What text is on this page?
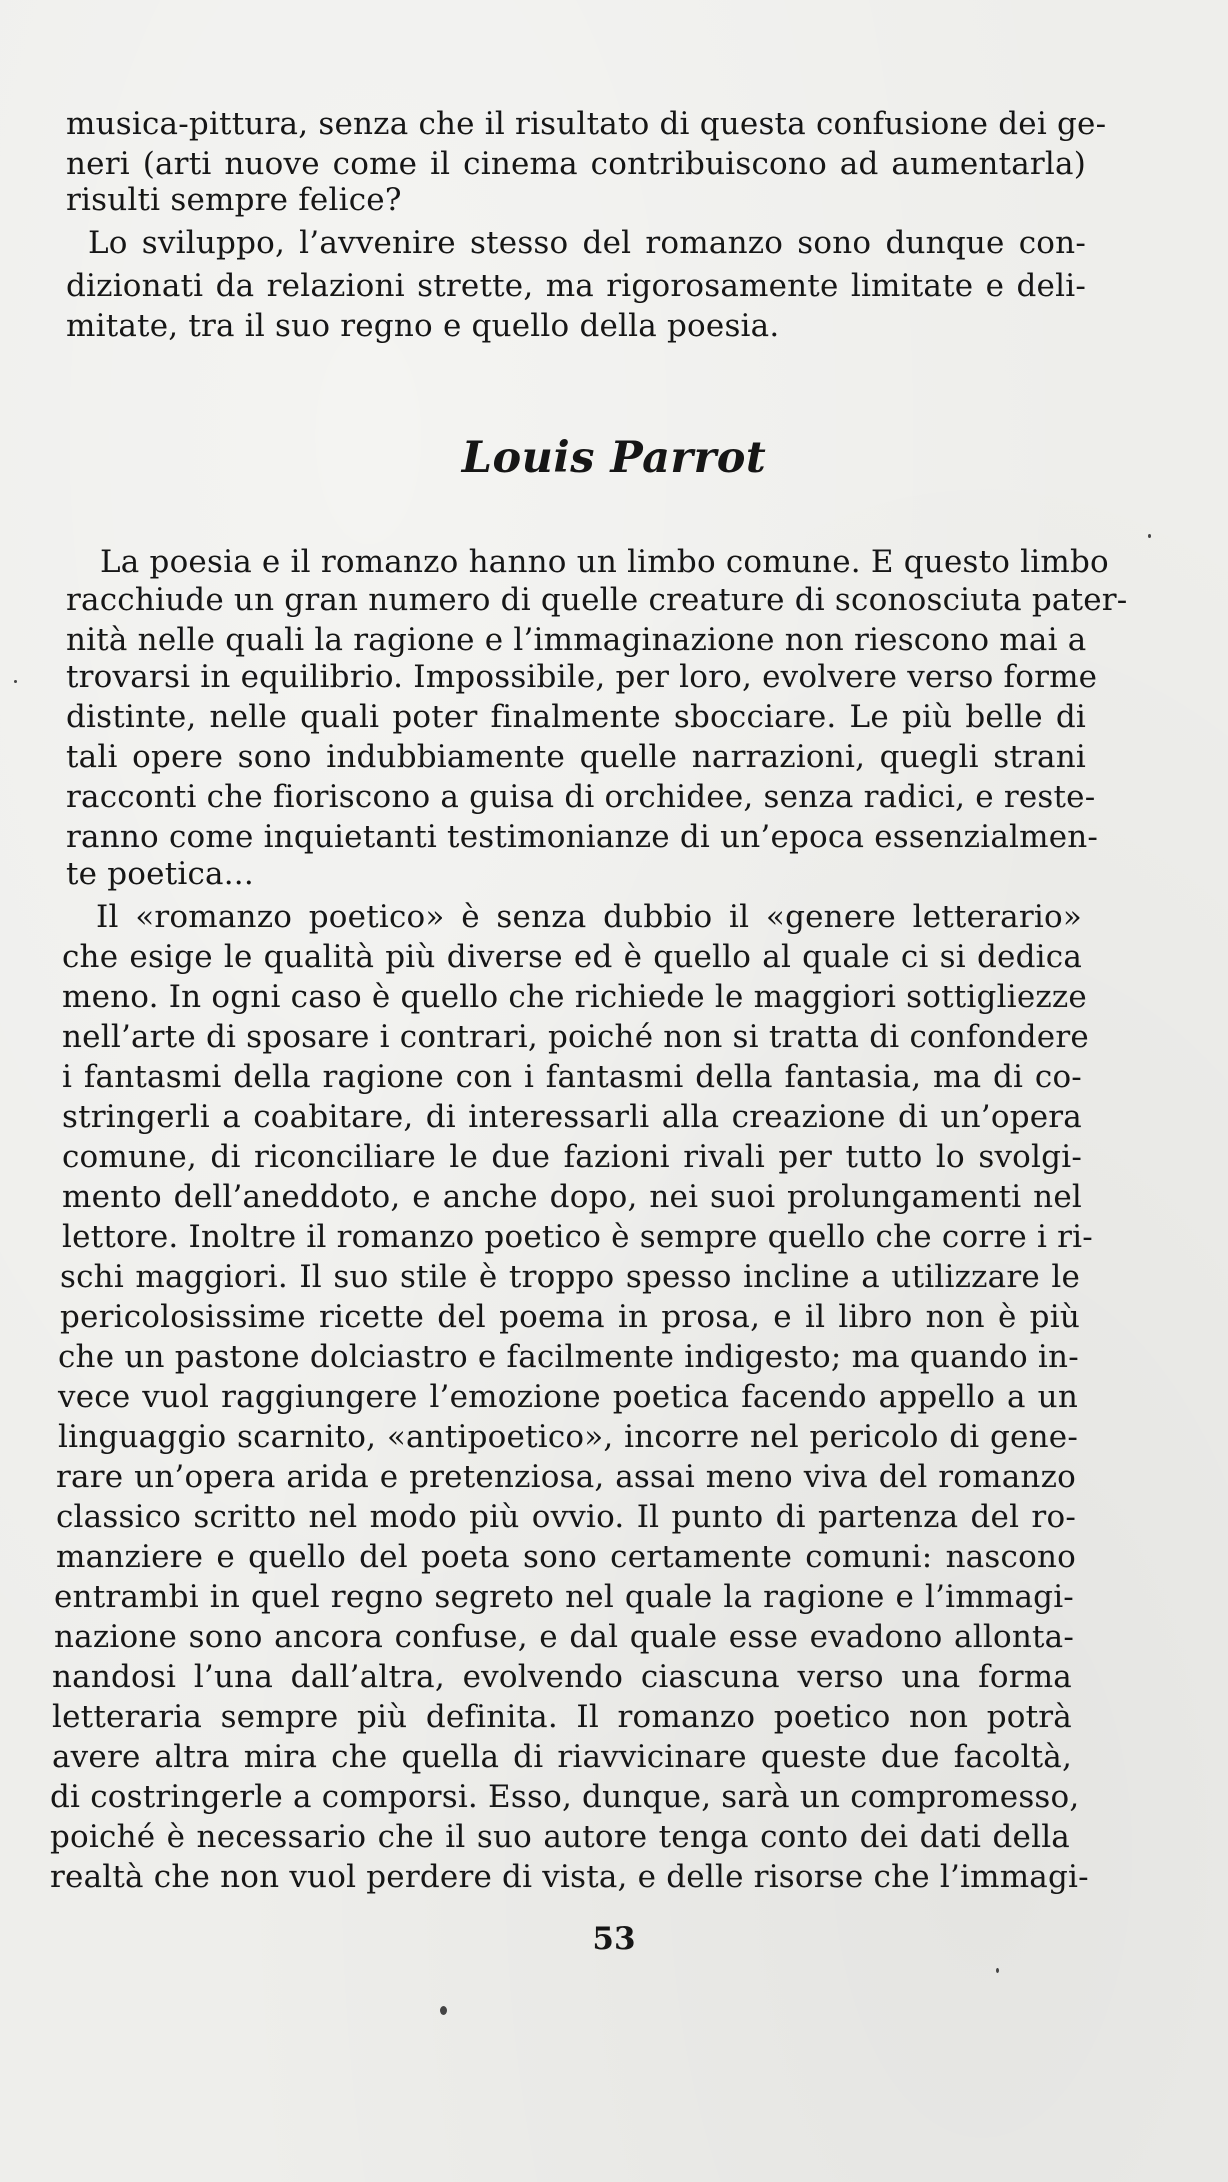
musica-pittura, senza che il risultato di questa confusione dei ge-
neri (arti nuove come il cinema contribuiscono ad aumentarla)
risulti sempre felice?
Lo sviluppo, l’avvenire stesso del romanzo sono dunque con-
dizionati da relazioni strette, ma rigorosamente limitate e deli-
mitate, tra il suo regno e quello della poesia.
Louis Parrot
La poesia e il romanzo hanno un limbo comune. E questo limbo
racchiude un gran numero di quelle creature di sconosciuta pater-
nità nelle quali la ragione e l’immaginazione non riescono mai a
trovarsi in equilibrio. Impossibile, per loro, evolvere verso forme
distinte, nelle quali poter finalmente sbocciare. Le più belle di
tali opere sono indubbiamente quelle narrazioni, quegli strani
racconti che fioriscono a guisa di orchidee, senza radici, e reste-
ranno come inquietanti testimonianze di un’epoca essenzialmen-
te poetica...
Il «romanzo poetico» è senza dubbio il «genere letterario»
che esige le qualità più diverse ed è quello al quale ci si dedica
meno. In ogni caso è quello che richiede le maggiori sottigliezze
nell’arte di sposare i contrari, poiché non si tratta di confondere
i fantasmi della ragione con i fantasmi della fantasia, ma di co-
stringerli a coabitare, di interessarli alla creazione di un’opera
comune, di riconciliare le due fazioni rivali per tutto lo svolgi-
mento dell’aneddoto, e anche dopo, nei suoi prolungamenti nel
lettore. Inoltre il romanzo poetico è sempre quello che corre i ri-
schi maggiori. Il suo stile è troppo spesso incline a utilizzare le
pericolosissime ricette del poema in prosa, e il libro non è più
che un pastone dolciastro e facilmente indigesto; ma quando in-
vece vuol raggiungere l’emozione poetica facendo appello a un
linguaggio scarnito, «antipoetico», incorre nel pericolo di gene-
rare un’opera arida e pretenziosa, assai meno viva del romanzo
classico scritto nel modo più ovvio. Il punto di partenza del ro-
manziere e quello del poeta sono certamente comuni: nascono
entrambi in quel regno segreto nel quale la ragione e l’immagi-
nazione sono ancora confuse, e dal quale esse evadono allonta-
nandosi l’una dall’altra, evolvendo ciascuna verso una forma
letteraria sempre più definita. Il romanzo poetico non potrà
avere altra mira che quella di riavvicinare queste due facoltà,
di costringerle a comporsi. Esso, dunque, sarà un compromesso,
poiché è necessario che il suo autore tenga conto dei dati della
realtà che non vuol perdere di vista, e delle risorse che l’immagi-
53
